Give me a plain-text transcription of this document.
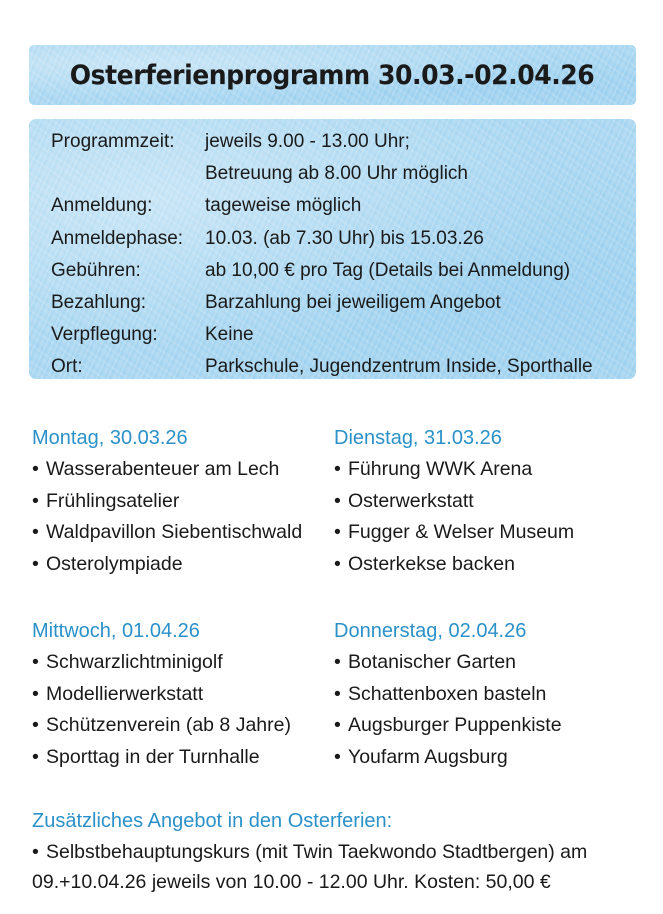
Osterferienprogramm 30.03.-02.04.26
Programmzeit:	jeweils 9.00 - 13.00 Uhr;
Betreuung ab 8.00 Uhr möglich
Anmeldung:	tageweise möglich
Anmeldephase:	10.03. (ab 7.30 Uhr) bis 15.03.26
Gebühren:	ab 10,00 € pro Tag (Details bei Anmeldung)
Bezahlung:	Barzahlung bei jeweiligem Angebot
Verpflegung:	Keine
Ort:	Parkschule, Jugendzentrum Inside, Sporthalle
Montag, 30.03.26
• Wasserabenteuer am Lech
• Frühlingsatelier
• Waldpavillon Siebentischwald
• Osterolympiade
Dienstag, 31.03.26
• Führung WWK Arena
• Osterwerkstatt
• Fugger & Welser Museum
• Osterkekse backen
Mittwoch, 01.04.26
• Schwarzlichtminigolf
• Modellierwerkstatt
• Schützenverein (ab 8 Jahre)
• Sporttag in der Turnhalle
Donnerstag, 02.04.26
• Botanischer Garten
• Schattenboxen basteln
• Augsburger Puppenkiste
• Youfarm Augsburg
Zusätzliches Angebot in den Osterferien:

• Selbstbehauptungskurs (mit Twin Taekwondo Stadtbergen) am 09.+10.04.26 jeweils von 10.00 - 12.00 Uhr. Kosten: 50,00 €
